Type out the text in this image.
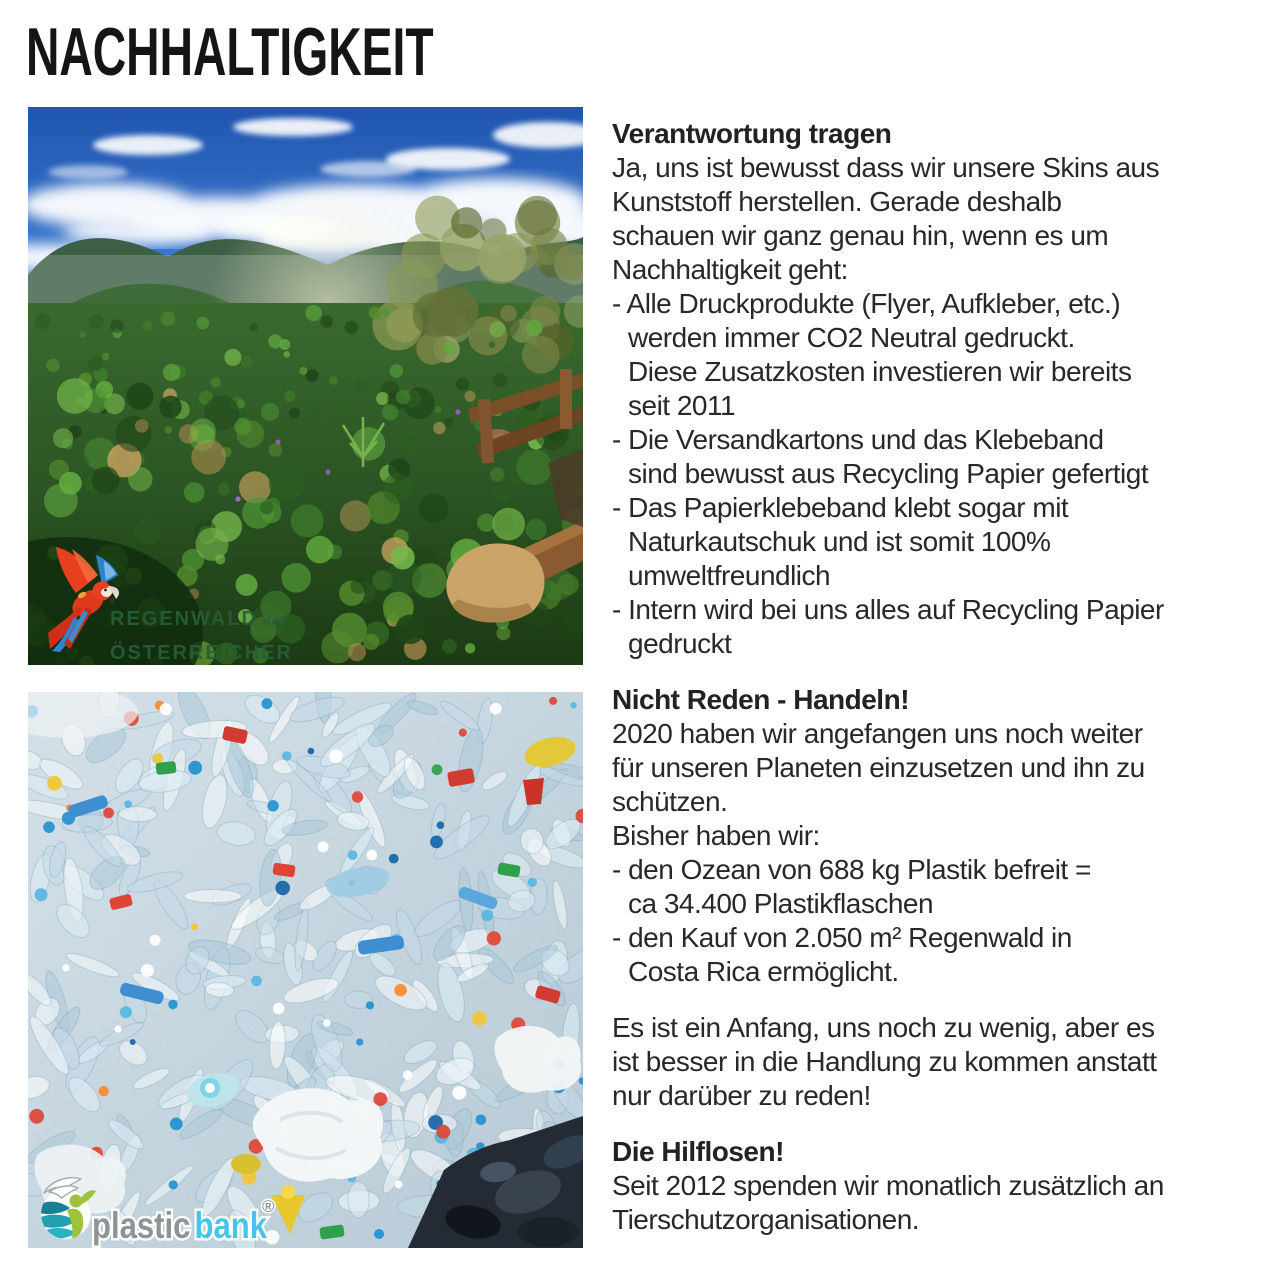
NACHHALTIGKEIT
REGENWALD der
ÖSTERREICHER
plastic bank
®
Verantwortung tragen
Ja, uns ist bewusst dass wir unsere Skins aus
Kunststoff herstellen. Gerade deshalb
schauen wir ganz genau hin, wenn es um
Nachhaltigkeit geht:
- Alle Druckprodukte (Flyer, Aufkleber, etc.)
werden immer CO2 Neutral gedruckt.
Diese Zusatzkosten investieren wir bereits
seit 2011
- Die Versandkartons und das Klebeband
sind bewusst aus Recycling Papier gefertigt
- Das Papierklebeband klebt sogar mit
Naturkautschuk und ist somit 100%
umweltfreundlich
- Intern wird bei uns alles auf Recycling Papier
gedruckt
Nicht Reden - Handeln!
2020 haben wir angefangen uns noch weiter
für unseren Planeten einzusetzen und ihn zu
schützen.
Bisher haben wir:
- den Ozean von 688 kg Plastik befreit =
ca 34.400 Plastikflaschen
- den Kauf von 2.050 m² Regenwald in
Costa Rica ermöglicht.
Es ist ein Anfang, uns noch zu wenig, aber es
ist besser in die Handlung zu kommen anstatt
nur darüber zu reden!
Die Hilflosen!
Seit 2012 spenden wir monatlich zusätzlich an
Tierschutzorganisationen.
